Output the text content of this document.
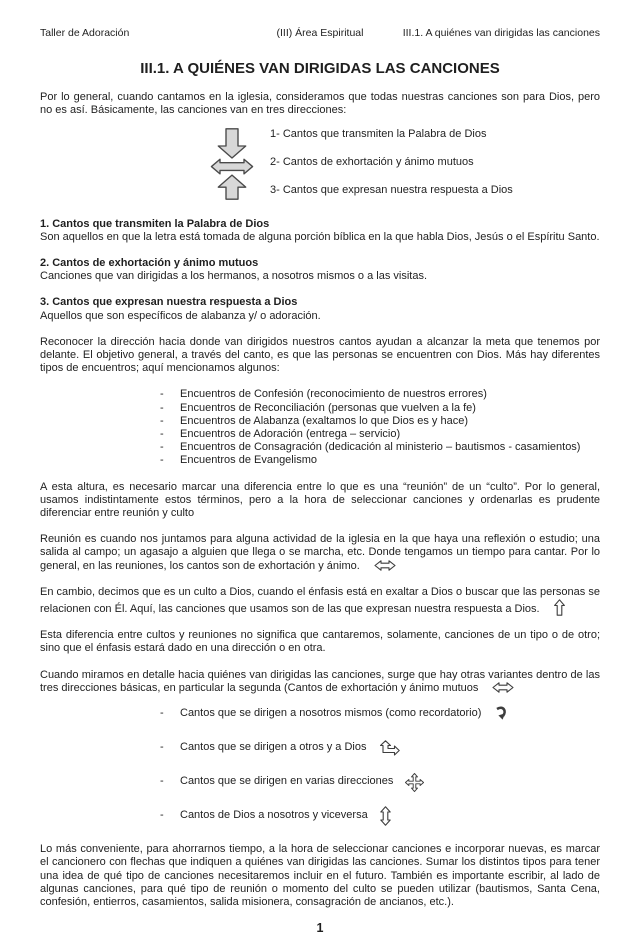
Taller de Adoración	(III) Área Espiritual	III.1. A quiénes van dirigidas las canciones
III.1. A QUIÉNES VAN DIRIGIDAS LAS CANCIONES

Por lo general, cuando cantamos en la iglesia, consideramos que todas nuestras canciones son para Dios, pero no es así. Básicamente, las canciones van en tres direcciones:

1- Cantos que transmiten la Palabra de Dios
2- Cantos de exhortación y ánimo mutuos
3- Cantos que expresan nuestra respuesta a Dios
1. Cantos que transmiten la Palabra de Dios
Son aquellos en que la letra está tomada de alguna porción bíblica en la que habla Dios, Jesús o el Espíritu Santo.
2. Cantos de exhortación y ánimo mutuos
Canciones que van dirigidas a los hermanos, a nosotros mismos o a las visitas.
3. Cantos que expresan nuestra respuesta a Dios
Aquellos que son específicos de alabanza y/ o adoración.

Reconocer la dirección hacia donde van dirigidos nuestros cantos ayudan a alcanzar la meta que tenemos por delante. El objetivo general, a través del canto, es que las personas se encuentren con Dios. Más hay diferentes tipos de encuentros; aquí mencionamos algunos:

-	Encuentros de Confesión (reconocimiento de nuestros errores)
-	Encuentros de Reconciliación (personas que vuelven a la fe)
-	Encuentros de Alabanza (exaltamos lo que Dios es y hace)
-	Encuentros de Adoración (entrega – servicio)
-	Encuentros de Consagración (dedicación al ministerio – bautismos - casamientos)
-	Encuentros de Evangelismo

A esta altura, es necesario marcar una diferencia entre lo que es una “reunión” de un “culto”. Por lo general, usamos indistintamente estos términos, pero a la hora de seleccionar canciones y ordenarlas es prudente diferenciar entre reunión y culto

Reunión es cuando nos juntamos para alguna actividad de la iglesia en la que haya una reflexión o estudio; una salida al campo; un agasajo a alguien que llega o se marcha, etc. Donde tengamos un tiempo para cantar. Por lo general, en las reuniones, los cantos son de exhortación y ánimo.

En cambio, decimos que es un culto a Dios, cuando el énfasis está en exaltar a Dios o buscar que las personas se relacionen con Él. Aquí, las canciones que usamos son de las que expresan nuestra respuesta a Dios.

Esta diferencia entre cultos y reuniones no significa que cantaremos, solamente, canciones de un tipo o de otro; sino que el énfasis estará dado en una dirección o en otra.

Cuando miramos en detalle hacia quiénes van dirigidas las canciones, surge que hay otras variantes dentro de las tres direcciones básicas, en particular la segunda (Cantos de exhortación y ánimo mutuos

-	Cantos que se dirigen a nosotros mismos (como recordatorio)
-	Cantos que se dirigen a otros y a Dios
-	Cantos que se dirigen en varias direcciones
-	Cantos de Dios a nosotros y viceversa

Lo más conveniente, para ahorrarnos tiempo, a la hora de seleccionar canciones e incorporar nuevas, es marcar el cancionero con flechas que indiquen a quiénes van dirigidas las canciones. Sumar los distintos tipos para tener una idea de qué tipo de canciones necesitaremos incluir en el futuro. También es importante escribir, al lado de algunas canciones, para qué tipo de reunión o momento del culto se pueden utilizar (bautismos, Santa Cena, confesión, entierros, casamientos, salida misionera, consagración de ancianos, etc.).

1
